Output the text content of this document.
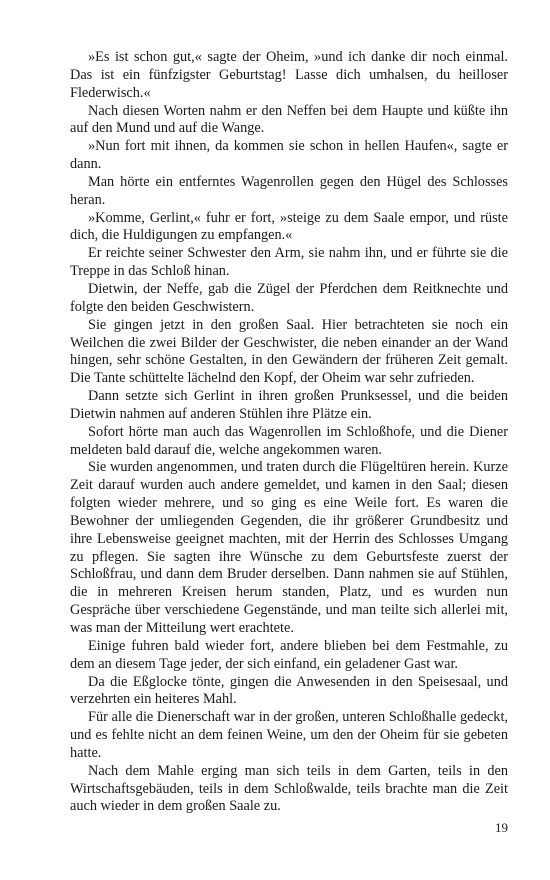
»Es ist schon gut,« sagte der Oheim, »und ich danke dir noch einmal. Das ist ein fünfzigster Geburtstag! Lasse dich umhalsen, du heilloser Flederwisch.«

Nach diesen Worten nahm er den Neffen bei dem Haupte und küßte ihn auf den Mund und auf die Wange.

»Nun fort mit ihnen, da kommen sie schon in hellen Haufen«, sagte er dann.

Man hörte ein entferntes Wagenrollen gegen den Hügel des Schlosses heran.

»Komme, Gerlint,« fuhr er fort, »steige zu dem Saale empor, und rüste dich, die Huldigungen zu empfangen.«

Er reichte seiner Schwester den Arm, sie nahm ihn, und er führte sie die Treppe in das Schloß hinan.

Dietwin, der Neffe, gab die Zügel der Pferdchen dem Reitknechte und folgte den beiden Geschwistern.

Sie gingen jetzt in den großen Saal. Hier betrachteten sie noch ein Weilchen die zwei Bilder der Geschwister, die neben einander an der Wand hingen, sehr schöne Gestalten, in den Gewändern der früheren Zeit gemalt. Die Tante schüttelte lächelnd den Kopf, der Oheim war sehr zufrieden.

Dann setzte sich Gerlint in ihren großen Prunksessel, und die beiden Dietwin nahmen auf anderen Stühlen ihre Plätze ein.

Sofort hörte man auch das Wagenrollen im Schloßhofe, und die Diener meldeten bald darauf die, welche angekommen waren.

Sie wurden angenommen, und traten durch die Flügeltüren herein. Kurze Zeit darauf wurden auch andere gemeldet, und kamen in den Saal; diesen folgten wieder mehrere, und so ging es eine Weile fort. Es waren die Bewohner der umliegenden Gegenden, die ihr größerer Grundbesitz und ihre Lebensweise geeignet machten, mit der Herrin des Schlosses Umgang zu pflegen. Sie sagten ihre Wünsche zu dem Geburtsfeste zuerst der Schloßfrau, und dann dem Bruder derselben. Dann nahmen sie auf Stühlen, die in mehreren Kreisen herum standen, Platz, und es wurden nun Gespräche über verschiedene Gegenstände, und man teilte sich allerlei mit, was man der Mitteilung wert erachtete.

Einige fuhren bald wieder fort, andere blieben bei dem Festmahle, zu dem an diesem Tage jeder, der sich einfand, ein geladener Gast war.

Da die Eßglocke tönte, gingen die Anwesenden in den Speisesaal, und verzehrten ein heiteres Mahl.

Für alle die Dienerschaft war in der großen, unteren Schloßhalle gedeckt, und es fehlte nicht an dem feinen Weine, um den der Oheim für sie gebeten hatte.

Nach dem Mahle erging man sich teils in dem Garten, teils in den Wirtschaftsgebäuden, teils in dem Schloßwalde, teils brachte man die Zeit auch wieder in dem großen Saale zu.

19
